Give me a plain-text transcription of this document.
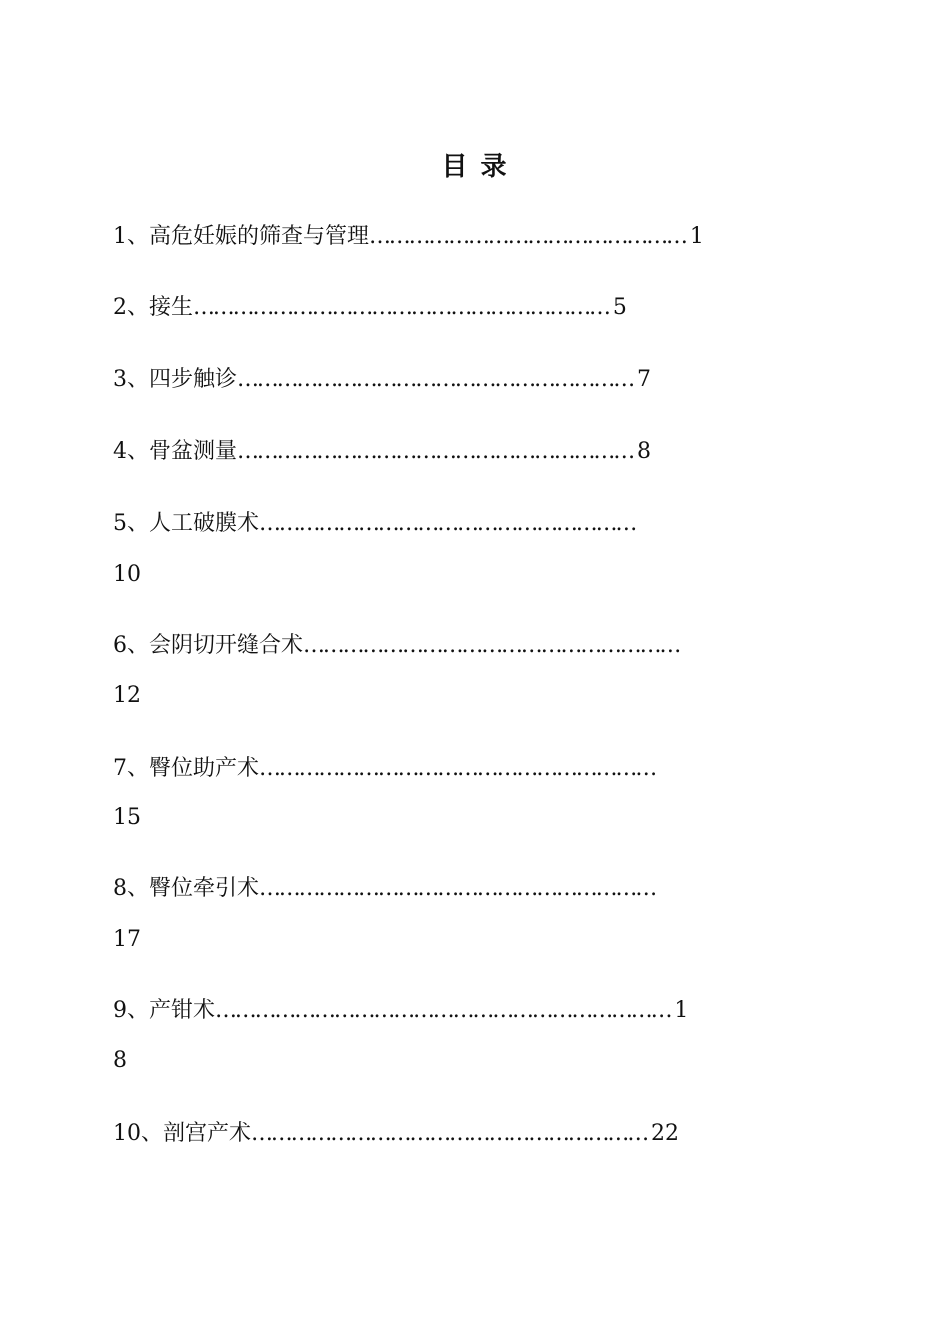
目 录
1、高危妊娠的筛查与管理………………………………………… 1
2、接生……………………………………………………… 5
3、四步触诊…………………………………………………… 7
4、骨盆测量…………………………………………………… 8
5、人工破膜术…………………………………………………
10
6、会阴切开缝合术…………………………………………………
12
7、臀位助产术……………………………………………………
15
8、臀位牵引术……………………………………………………
17
9、产钳术…………………………………………………………… 1
8
10、剖宫产术…………………………………………………… 22
